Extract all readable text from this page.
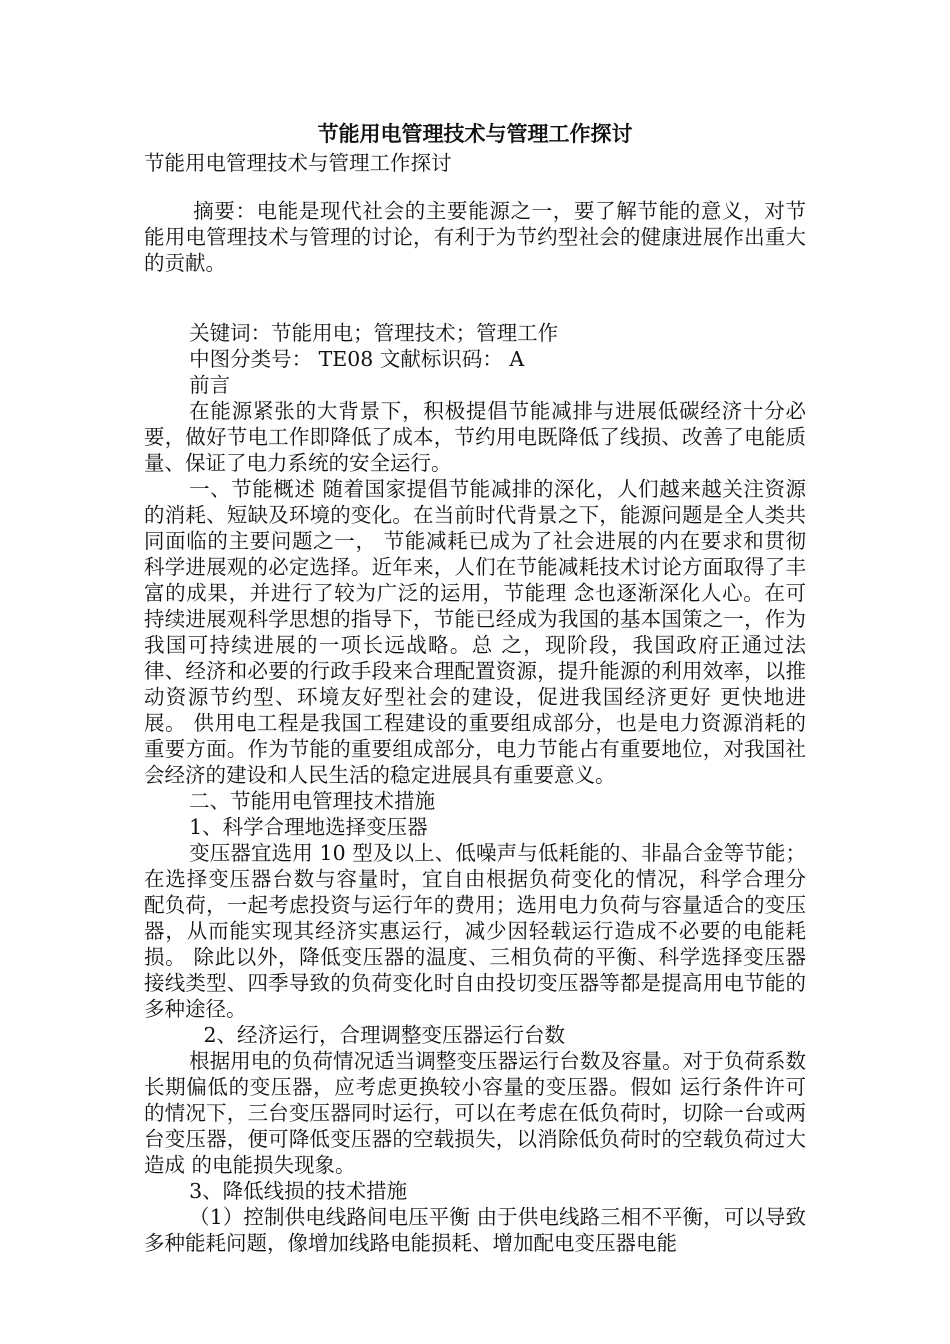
节能用电管理技术与管理工作探讨

节能用电管理技术与管理工作探讨

摘要：电能是现代社会的主要能源之一，要了解节能的意义，对节能用电管理技术与管理的讨论，有利于为节约型社会的健康进展作出重大的贡献。

关键词：节能用电；管理技术；管理工作

中图分类号： TE08 文献标识码： A

前言

在能源紧张的大背景下，积极提倡节能减排与进展低碳经济十分必要，做好节电工作即降低了成本，节约用电既降低了线损、改善了电能质量、保证了电力系统的安全运行。

一、节能概述 随着国家提倡节能减排的深化，人们越来越关注资源的消耗、短缺及环境的变化。在当前时代背景之下，能源问题是全人类共同面临的主要问题之一， 节能减耗已成为了社会进展的内在要求和贯彻科学进展观的必定选择。近年来，人们在节能减耗技术讨论方面取得了丰富的成果，并进行了较为广泛的运用，节能理 念也逐渐深化人心。在可持续进展观科学思想的指导下，节能已经成为我国的基本国策之一，作为我国可持续进展的一项长远战略。总 之，现阶段，我国政府正通过法律、经济和必要的行政手段来合理配置资源，提升能源的利用效率，以推动资源节约型、环境友好型社会的建设，促进我国经济更好 更快地进展。 供用电工程是我国工程建设的重要组成部分，也是电力资源消耗的重要方面。作为节能的重要组成部分，电力节能占有重要地位，对我国社会经济的建设和人民生活的稳定进展具有重要意义。

二、节能用电管理技术措施

1、科学合理地选择变压器

变压器宜选用 10 型及以上、低噪声与低耗能的、非晶合金等节能；在选择变压器台数与容量时，宜自由根据负荷变化的情况，科学合理分 配负荷，一起考虑投资与运行年的费用；选用电力负荷与容量适合的变压器，从而能实现其经济实惠运行，减少因轻载运行造成不必要的电能耗损。 除此以外，降低变压器的温度、三相负荷的平衡、科学选择变压器接线类型、四季导致的负荷变化时自由投切变压器等都是提高用电节能的多种途径。

2、经济运行，合理调整变压器运行台数

根据用电的负荷情况适当调整变压器运行台数及容量。对于负荷系数长期偏低的变压器，应考虑更换较小容量的变压器。假如 运行条件许可的情况下，三台变压器同时运行，可以在考虑在低负荷时，切除一台或两台变压器，便可降低变压器的空载损失，以消除低负荷时的空载负荷过大造成 的电能损失现象。

3、降低线损的技术措施

（1）控制供电线路间电压平衡 由于供电线路三相不平衡，可以导致多种能耗问题，像增加线路电能损耗、增加配电变压器电能
